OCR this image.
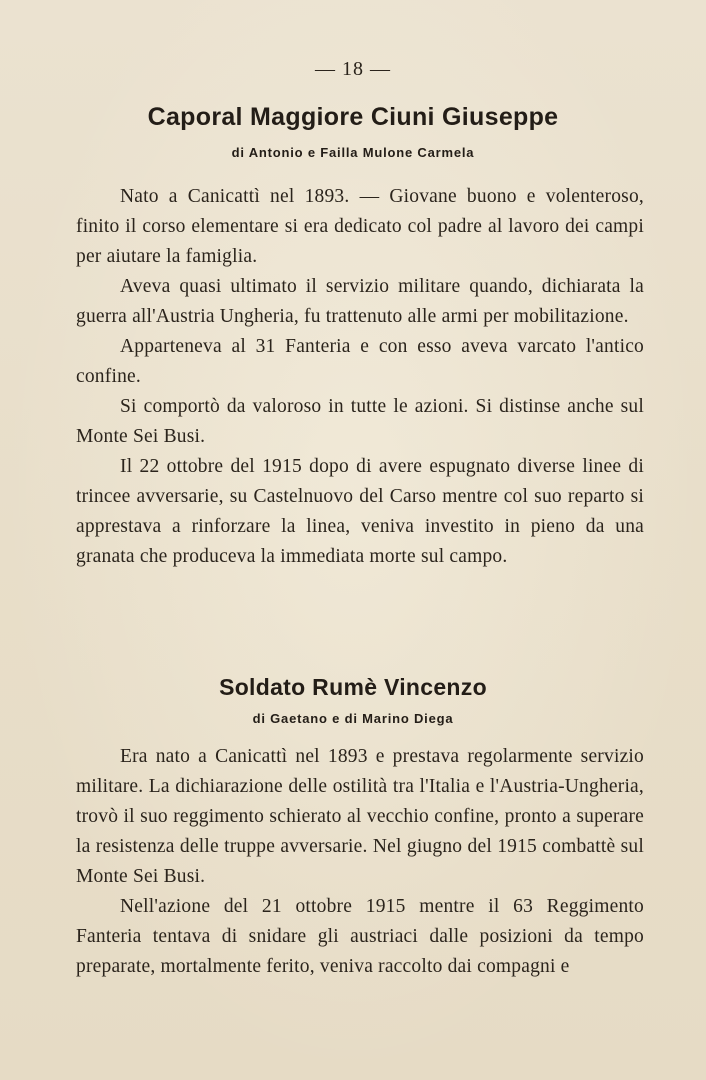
— 18 —
Caporal Maggiore Ciuni Giuseppe
di Antonio e Failla Mulone Carmela

Nato a Canicattì nel 1893. — Giovane buono e volenteroso, finito il corso elementare si era dedicato col padre al lavoro dei campi per aiutare la famiglia.

Aveva quasi ultimato il servizio militare quando, dichiarata la guerra all'Austria Ungheria, fu trattenuto alle armi per mobilitazione.

Apparteneva al 31 Fanteria e con esso aveva varcato l'antico confine.

Si comportò da valoroso in tutte le azioni. Si distinse anche sul Monte Sei Busi.

Il 22 ottobre del 1915 dopo di avere espugnato diverse linee di trincee avversarie, su Castelnuovo del Carso mentre col suo reparto si apprestava a rinforzare la linea, veniva investito in pieno da una granata che produceva la immediata morte sul campo.

Soldato Rumè Vincenzo
di Gaetano e di Marino Diega

Era nato a Canicattì nel 1893 e prestava regolarmente servizio militare. La dichiarazione delle ostilità tra l'Italia e l'Austria-Ungheria, trovò il suo reggimento schierato al vecchio confine, pronto a superare la resistenza delle truppe avversarie. Nel giugno del 1915 combattè sul Monte Sei Busi.

Nell'azione del 21 ottobre 1915 mentre il 63 Reggimento Fanteria tentava di snidare gli austriaci dalle posizioni da tempo preparate, mortalmente ferito, veniva raccolto dai compagni e
